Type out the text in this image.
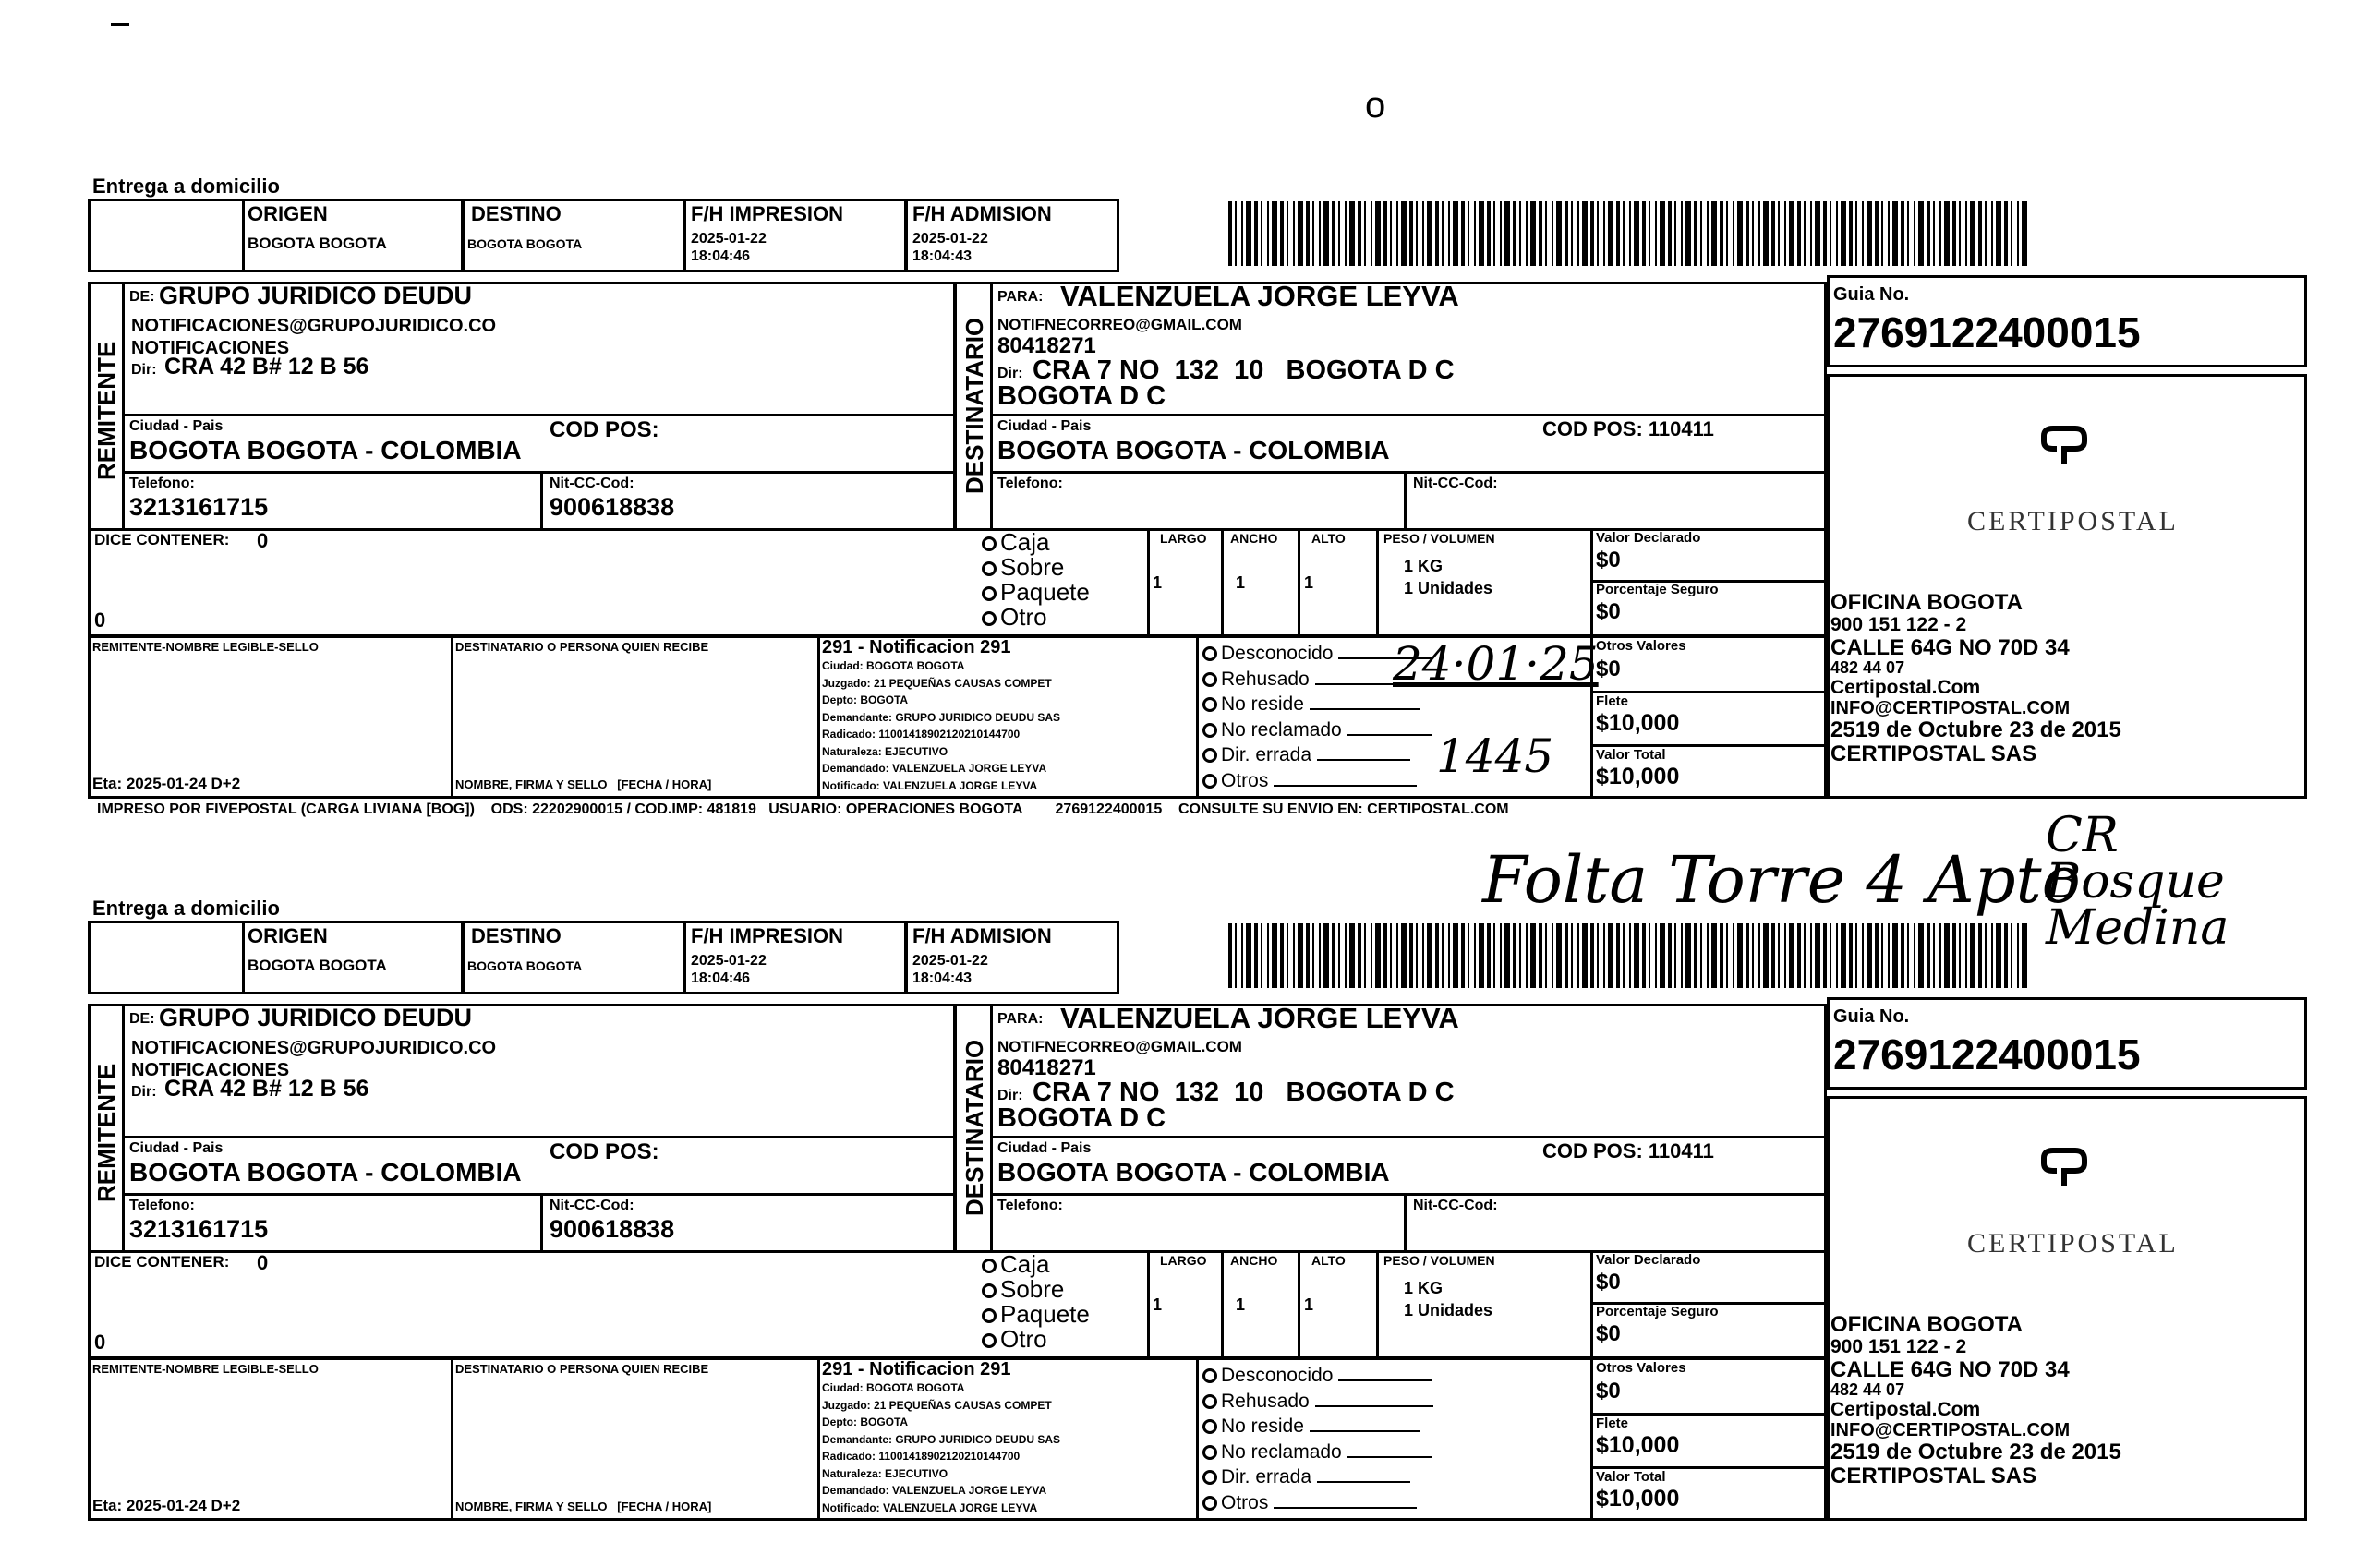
o
Entrega a domicilio
ORIGEN
BOGOTA BOGOTA
DESTINO
BOGOTA BOGOTA
F/H IMPRESION
2025-01-22
18:04:46
F/H ADMISION
2025-01-22
18:04:43
REMITENTE
DE: GRUPO JURIDICO DEUDU
NOTIFICACIONES@GRUPOJURIDICO.CO
NOTIFICACIONES
Dir: CRA 42 B# 12 B 56
Ciudad - Pais
BOGOTA BOGOTA - COLOMBIA
COD POS:
Telefono:
3213161715
Nit-CC-Cod:
900618838
DESTINATARIO
PARA: VALENZUELA JORGE LEYVA
NOTIFNECORREO@GMAIL.COM
80418271
Dir: CRA 7 NO  132  10   BOGOTA D C
BOGOTA D C
Ciudad - Pais
BOGOTA BOGOTA - COLOMBIA
COD POS: 110411
Telefono:	Nit-CC-Cod:
Guia No.
2769122400015
CERTIPOSTAL
OFICINA BOGOTA
900 151 122 - 2
CALLE 64G NO 70D 34
482 44 07
Certipostal.Com
INFO@CERTIPOSTAL.COM
2519 de Octubre 23 de 2015
CERTIPOSTAL SAS
DICE CONTENER: 0
0
Caja
Sobre
Paquete
Otro
LARGO ANCHO	ALTO	PESO / VOLUMEN
1	1	1
1 KG
1 Unidades
Valor Declarado
$0
Porcentaje Seguro
$0
REMITENTE-NOMBRE LEGIBLE-SELLO	DESTINATARIO O PERSONA QUIEN RECIBE
Eta: 2025-01-24 D+2	NOMBRE, FIRMA Y SELLO   [FECHA / HORA]
291 - Notificacion 291
Ciudad: BOGOTA BOGOTA
Juzgado: 21 PEQUEÑAS CAUSAS COMPET
Depto: BOGOTA
Demandante: GRUPO JURIDICO DEUDU SAS
Radicado: 11001418902120210144700
Naturaleza: EJECUTIVO
Demandado: VALENZUELA JORGE LEYVA
Notificado: VALENZUELA JORGE LEYVA
Desconocido
Rehusado
No reside
No reclamado
Dir. errada
Otros
Otros Valores
$0
Flete
$10,000
Valor Total
$10,000
IMPRESO POR FIVEPOSTAL (CARGA LIVIANA [BOG])    ODS: 22202900015 / COD.IMP: 481819   USUARIO: OPERACIONES BOGOTA        2769122400015    CONSULTE SU ENVIO EN: CERTIPOSTAL.COM
Entrega a domicilio
ORIGEN
BOGOTA BOGOTA
DESTINO
BOGOTA BOGOTA
F/H IMPRESION
2025-01-22
18:04:46
F/H ADMISION
2025-01-22
18:04:43
REMITENTE
DE: GRUPO JURIDICO DEUDU
NOTIFICACIONES@GRUPOJURIDICO.CO
NOTIFICACIONES
Dir: CRA 42 B# 12 B 56
Ciudad - Pais
BOGOTA BOGOTA - COLOMBIA
COD POS:
Telefono:
3213161715
Nit-CC-Cod:
900618838
DESTINATARIO
PARA: VALENZUELA JORGE LEYVA
NOTIFNECORREO@GMAIL.COM
80418271
Dir: CRA 7 NO  132  10   BOGOTA D C
BOGOTA D C
Ciudad - Pais
BOGOTA BOGOTA - COLOMBIA
COD POS: 110411
Telefono:	Nit-CC-Cod:
Guia No.
2769122400015
CERTIPOSTAL
OFICINA BOGOTA
900 151 122 - 2
CALLE 64G NO 70D 34
482 44 07
Certipostal.Com
INFO@CERTIPOSTAL.COM
2519 de Octubre 23 de 2015
CERTIPOSTAL SAS
DICE CONTENER: 0
0
Caja
Sobre
Paquete
Otro
LARGO ANCHO	ALTO	PESO / VOLUMEN
1	1	1
1 KG
1 Unidades
Valor Declarado
$0
Porcentaje Seguro
$0
REMITENTE-NOMBRE LEGIBLE-SELLO	DESTINATARIO O PERSONA QUIEN RECIBE
Eta: 2025-01-24 D+2	NOMBRE, FIRMA Y SELLO   [FECHA / HORA]
291 - Notificacion 291
Ciudad: BOGOTA BOGOTA
Juzgado: 21 PEQUEÑAS CAUSAS COMPET
Depto: BOGOTA
Demandante: GRUPO JURIDICO DEUDU SAS
Radicado: 11001418902120210144700
Naturaleza: EJECUTIVO
Demandado: VALENZUELA JORGE LEYVA
Notificado: VALENZUELA JORGE LEYVA
Desconocido
Rehusado
No reside
No reclamado
Dir. errada
Otros
Otros Valores
$0
Flete
$10,000
Valor Total
$10,000
24·01·25
1445
Folta Torre 4 Apto
CR Bosque Medina
